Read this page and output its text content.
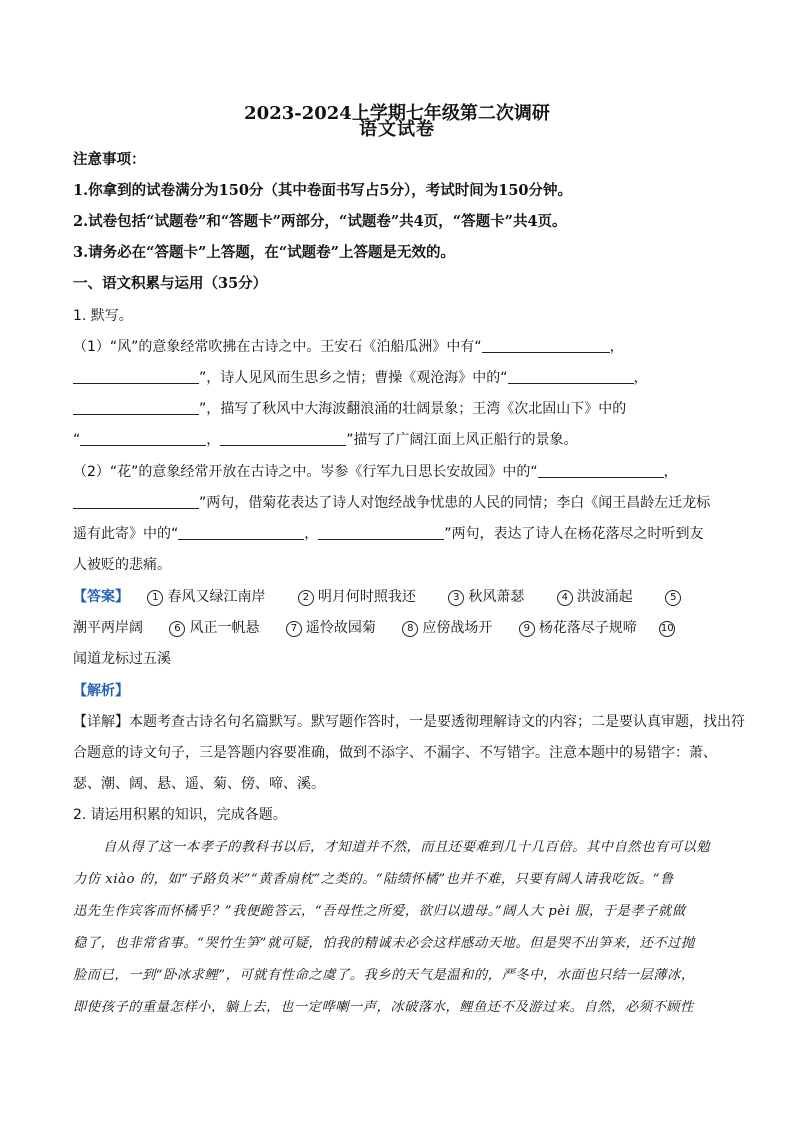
2023-2024上学期七年级第二次调研
语文试卷
注意事项：
1.你拿到的试卷满分为150分（其中卷面书写占5分），考试时间为150分钟。
2.试卷包括“试题卷”和“答题卡”两部分，“试题卷”共4页，“答题卡”共4页。
3.请务必在“答题卡”上答题，在“试题卷”上答题是无效的。
一、语文积累与运用（35分）
1. 默写。
（1）“风”的意象经常吹拂在古诗之中。王安石《泊船瓜洲》中有“	，
”，诗人见风而生思乡之情；曹操《观沧海》中的“	，
”，描写了秋风中大海波翻浪涌的壮阔景象；王湾《次北固山下》中的
“	，	”描写了广阔江面上风正船行的景象。
（2）“花”的意象经常开放在古诗之中。岑参《行军九日思长安故园》中的“	，
”两句，借菊花表达了诗人对饱经战争忧患的人民的同情；李白《闻王昌龄左迁龙标
遥有此寄》中的“	，	”两句，表达了诗人在杨花落尽之时听到友
人被贬的悲痛。
【答案】 1 春风又绿江南岸	2 明月何时照我还	3 秋风萧瑟	4 洪波涌起	5
潮平两岸阔	6 风正一帆悬	7 遥怜故园菊	8 应傍战场开	9 杨花落尽子规啼 10
闻道龙标过五溪
【解析】
【详解】本题考查古诗名句名篇默写。默写题作答时，一是要透彻理解诗文的内容；二是要认真审题，找出符
合题意的诗文句子，三是答题内容要准确，做到不添字、不漏字、不写错字。注意本题中的易错字：萧、
瑟、潮、阔、悬、遥、菊、傍、啼、溪。
2. 请运用积累的知识，完成各题。
自从得了这一本孝子的教科书以后，才知道并不然，而且还要难到几十几百倍。其中自然也有可以勉
力仿 xiào 的，如“子路负米”“黄香扇枕”之类的。“陆绩怀橘”也并不难，只要有阔人请我吃饭。“鲁
迅先生作宾客而怀橘乎？”我便跪答云，“吾母性之所爱，欲归以遗母。”阔人大 pèi 服，于是孝子就做
稳了，也非常省事。“哭竹生笋”就可疑，怕我的精诚未必会这样感动天地。但是哭不出笋来，还不过抛
脸而已，一到“卧冰求鲤”，可就有性命之虞了。我乡的天气是温和的，严冬中，水面也只结一层薄冰，
即使孩子的重量怎样小，躺上去，也一定哗喇一声，冰破落水，鲤鱼还不及游过来。自然，必须不顾性
